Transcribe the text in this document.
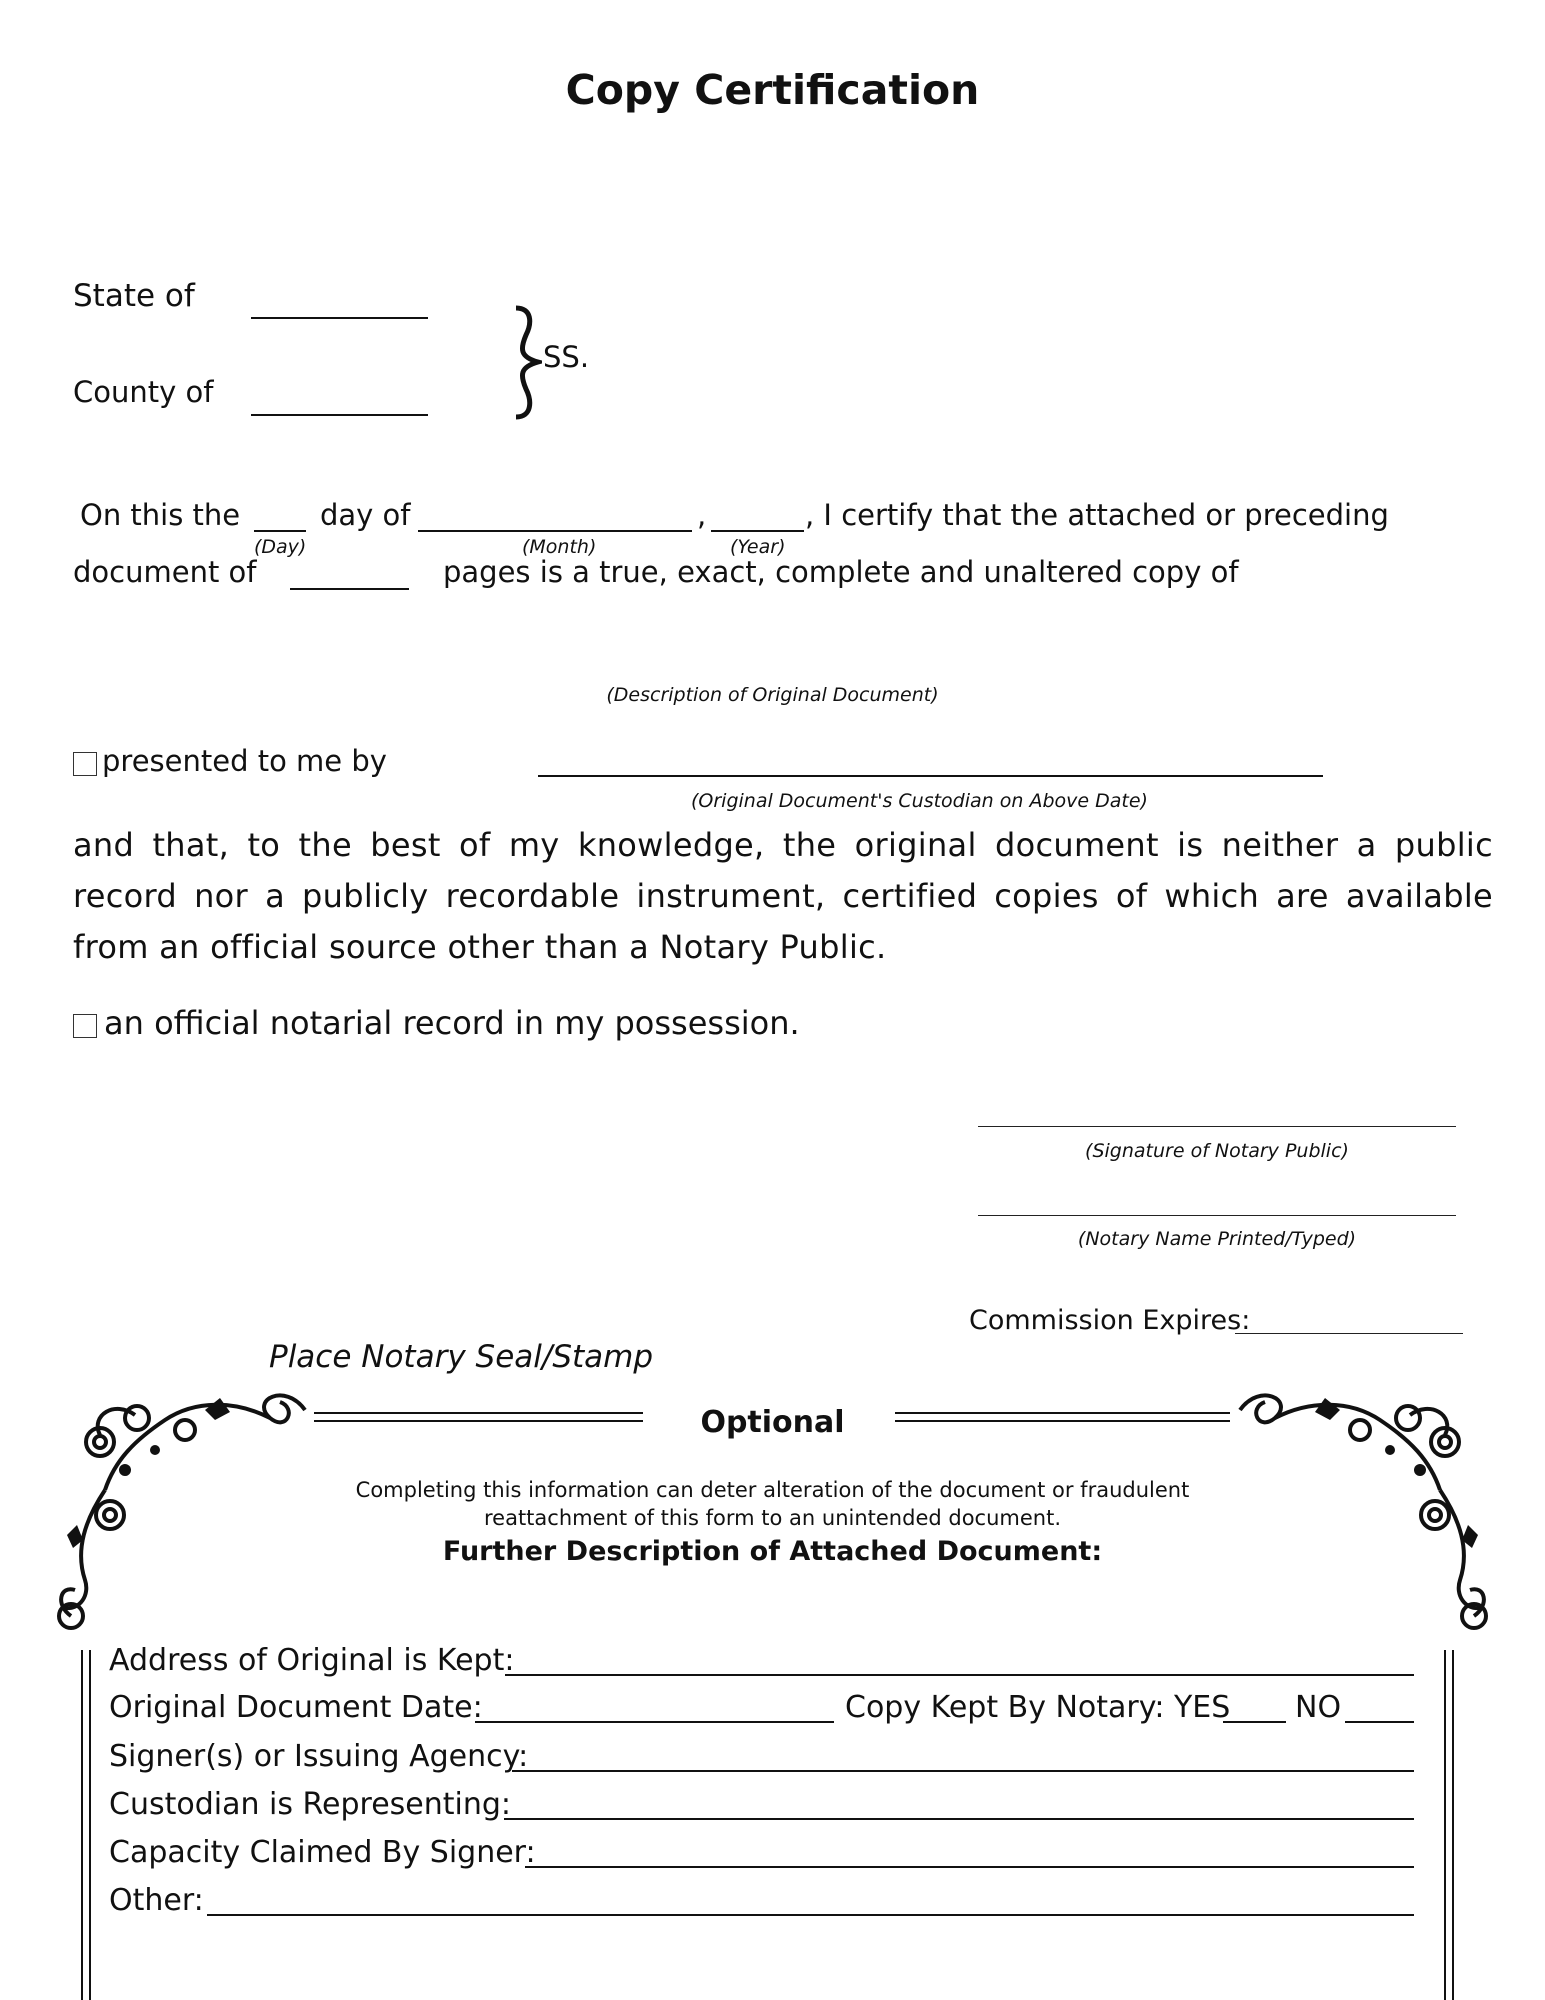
Copy Certification
State of
County of
SS.
On this the	day of	,	, I certify that the attached or preceding
(Day)	(Month)	(Year)
document of	pages is a true, exact, complete and unaltered copy of
(Description of Original Document)
presented to me by
(Original Document's Custodian on Above Date)
and that, to the best of my knowledge, the original document is neither a public record nor a publicly recordable instrument, certified copies of which are available from an official source other than a Notary Public.
an official notarial record in my possession.
(Signature of Notary Public)
(Notary Name Printed/Typed)
Commission Expires:
Place Notary Seal/Stamp
Optional
Completing this information can deter alteration of the document or fraudulent
reattachment of this form to an unintended document.
Further Description of Attached Document:
Address of Original is Kept:
Original Document Date:	Copy Kept By Notary: YES NO
Signer(s) or Issuing Agency:
Custodian is Representing:
Capacity Claimed By Signer:
Other:
